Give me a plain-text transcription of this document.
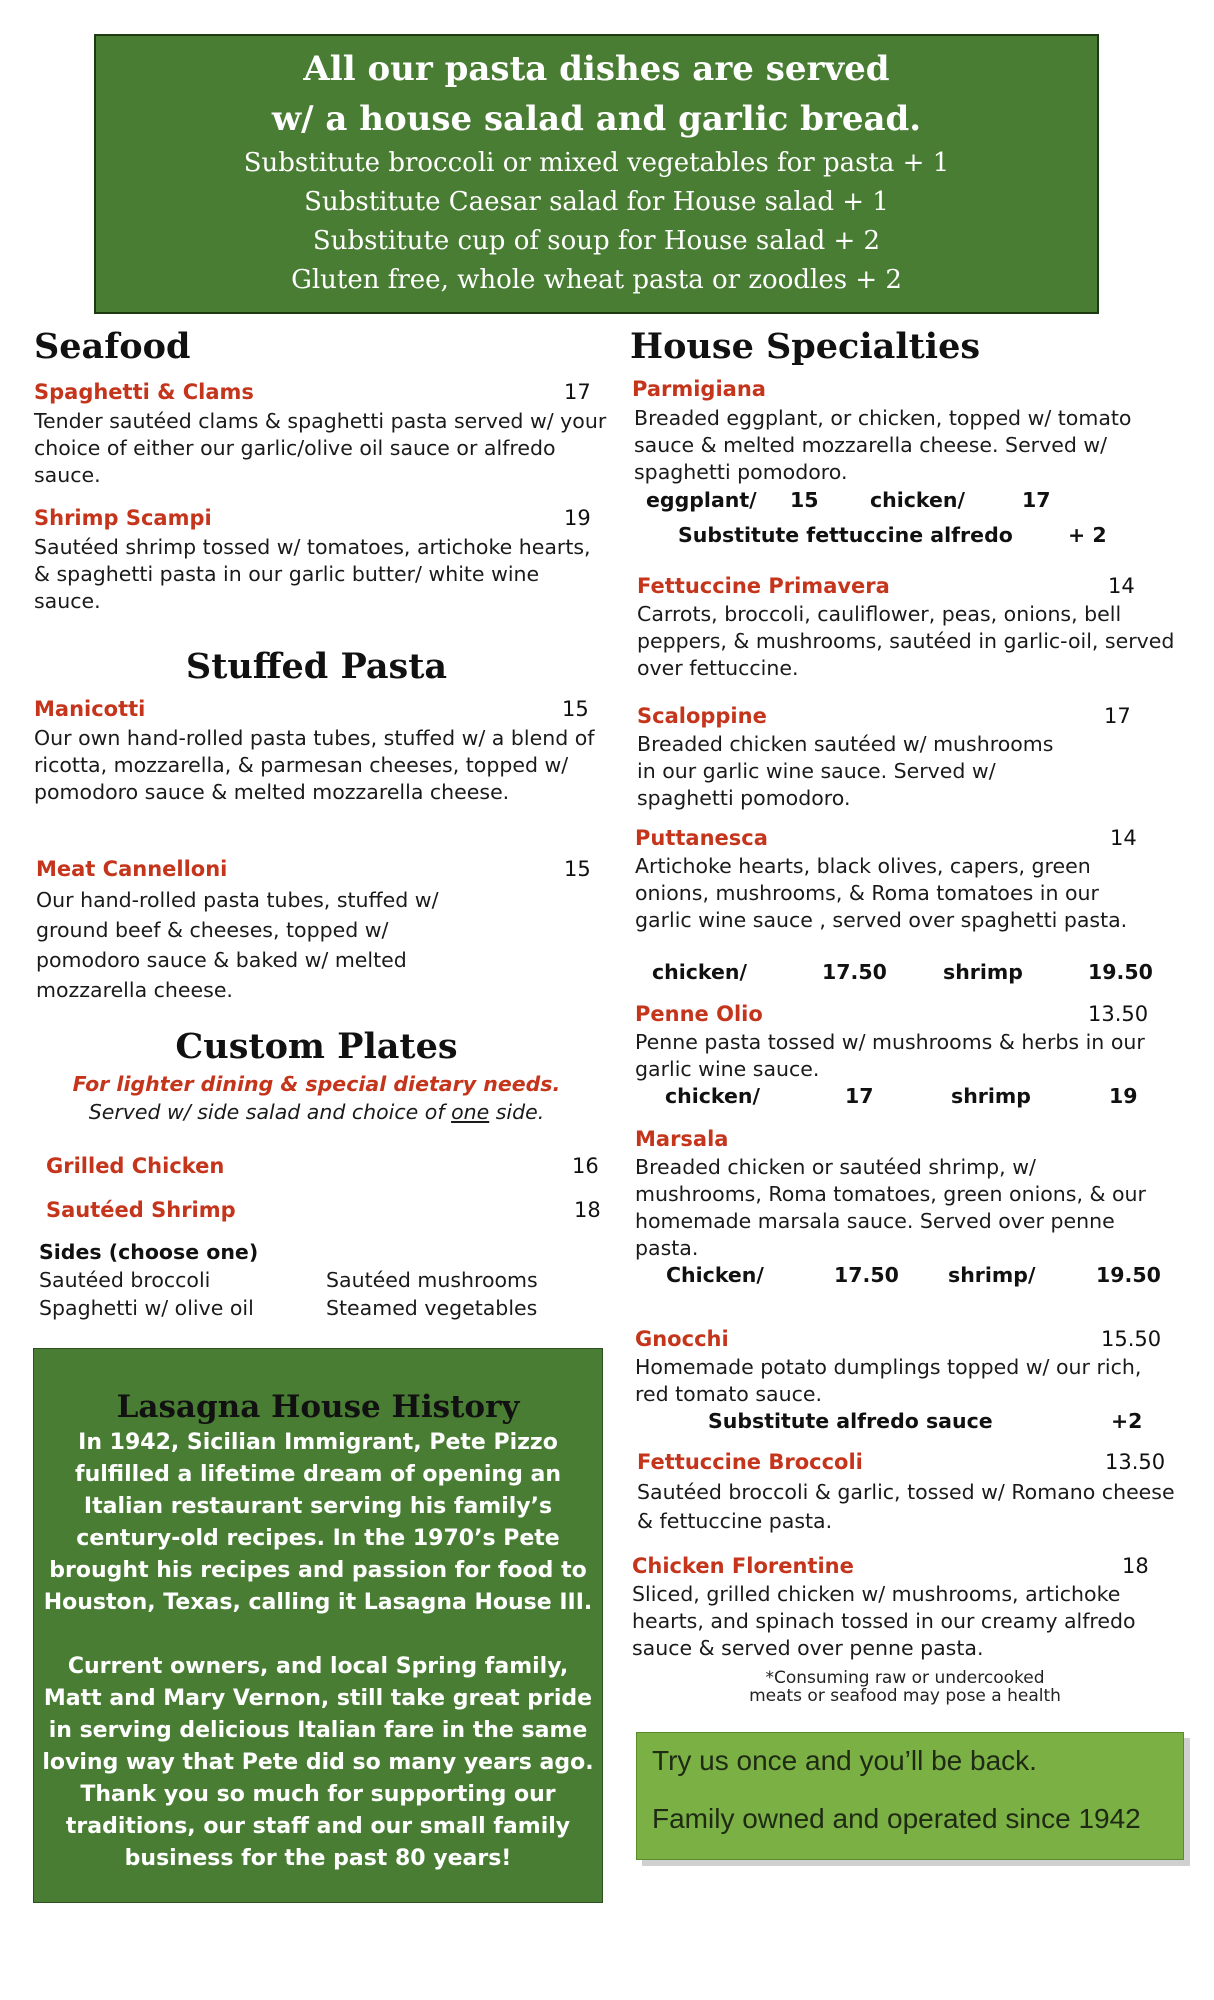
All our pasta dishes are served
w/ a house salad and garlic bread.
Substitute broccoli or mixed vegetables for pasta + 1
Substitute Caesar salad for House salad + 1
Substitute cup of soup for House salad + 2
Gluten free, whole wheat pasta or zoodles + 2
Seafood
Spaghetti & Clams	17
Tender sautéed clams & spaghetti pasta served w/ your choice of either our garlic/olive oil sauce or alfredo sauce.
Shrimp Scampi	19
Sautéed shrimp tossed w/ tomatoes, artichoke hearts, & spaghetti pasta in our garlic butter/ white wine sauce.
Stuffed Pasta
Manicotti	15
Our own hand-rolled pasta tubes, stuffed w/ a blend of ricotta, mozzarella, & parmesan cheeses, topped w/ pomodoro sauce & melted mozzarella cheese.
Meat Cannelloni	15
Our hand-rolled pasta tubes, stuffed w/ ground beef & cheeses, topped w/ pomodoro sauce & baked w/ melted mozzarella cheese.
Custom Plates
For lighter dining & special dietary needs.
Served w/ side salad and choice of one side.
Grilled Chicken	16
Sautéed Shrimp	18
Sides (choose one)
Sautéed broccoli	Sautéed mushrooms
Spaghetti w/ olive oil	Steamed vegetables
Lasagna House History

In 1942, Sicilian Immigrant, Pete Pizzo fulfilled a lifetime dream of opening an Italian restaurant serving his family’s century-old recipes. In the 1970’s Pete brought his recipes and passion for food to Houston, Texas, calling it Lasagna House III.

Current owners, and local Spring family, Matt and Mary Vernon, still take great pride in serving delicious Italian fare in the same loving way that Pete did so many years ago. Thank you so much for supporting our traditions, our staff and our small family business for the past 80 years!

House Specialties
Parmigiana
Breaded eggplant, or chicken, topped w/ tomato sauce & melted mozzarella cheese. Served w/ spaghetti pomodoro.
eggplant/ 15	chicken/	17
Substitute fettuccine alfredo	+ 2
Fettuccine Primavera	14
Carrots, broccoli, cauliflower, peas, onions, bell peppers, & mushrooms, sautéed in garlic-oil, served over fettuccine.
Scaloppine	17
Breaded chicken sautéed w/ mushrooms in our garlic wine sauce. Served w/ spaghetti pomodoro.
Puttanesca	14
Artichoke hearts, black olives, capers, green onions, mushrooms, & Roma tomatoes in our garlic wine sauce , served over spaghetti pasta.
chicken/	17.50	shrimp	19.50
Penne Olio	13.50
Penne pasta tossed w/ mushrooms & herbs in our garlic wine sauce.
chicken/	17	shrimp	19
Marsala
Breaded chicken or sautéed shrimp, w/ mushrooms, Roma tomatoes, green onions, & our homemade marsala sauce. Served over penne pasta.
Chicken/	17.50 shrimp/	19.50
Gnocchi	15.50
Homemade potato dumplings topped w/ our rich, red tomato sauce.
Substitute alfredo sauce	+2
Fettuccine Broccoli	13.50
Sautéed broccoli & garlic, tossed w/ Romano cheese & fettuccine pasta.
Chicken Florentine	18
Sliced, grilled chicken w/ mushrooms, artichoke hearts, and spinach tossed in our creamy alfredo sauce & served over penne pasta.
*Consuming raw or undercooked
meats or seafood may pose a health
Try us once and you’ll be back.
Family owned and operated since 1942
